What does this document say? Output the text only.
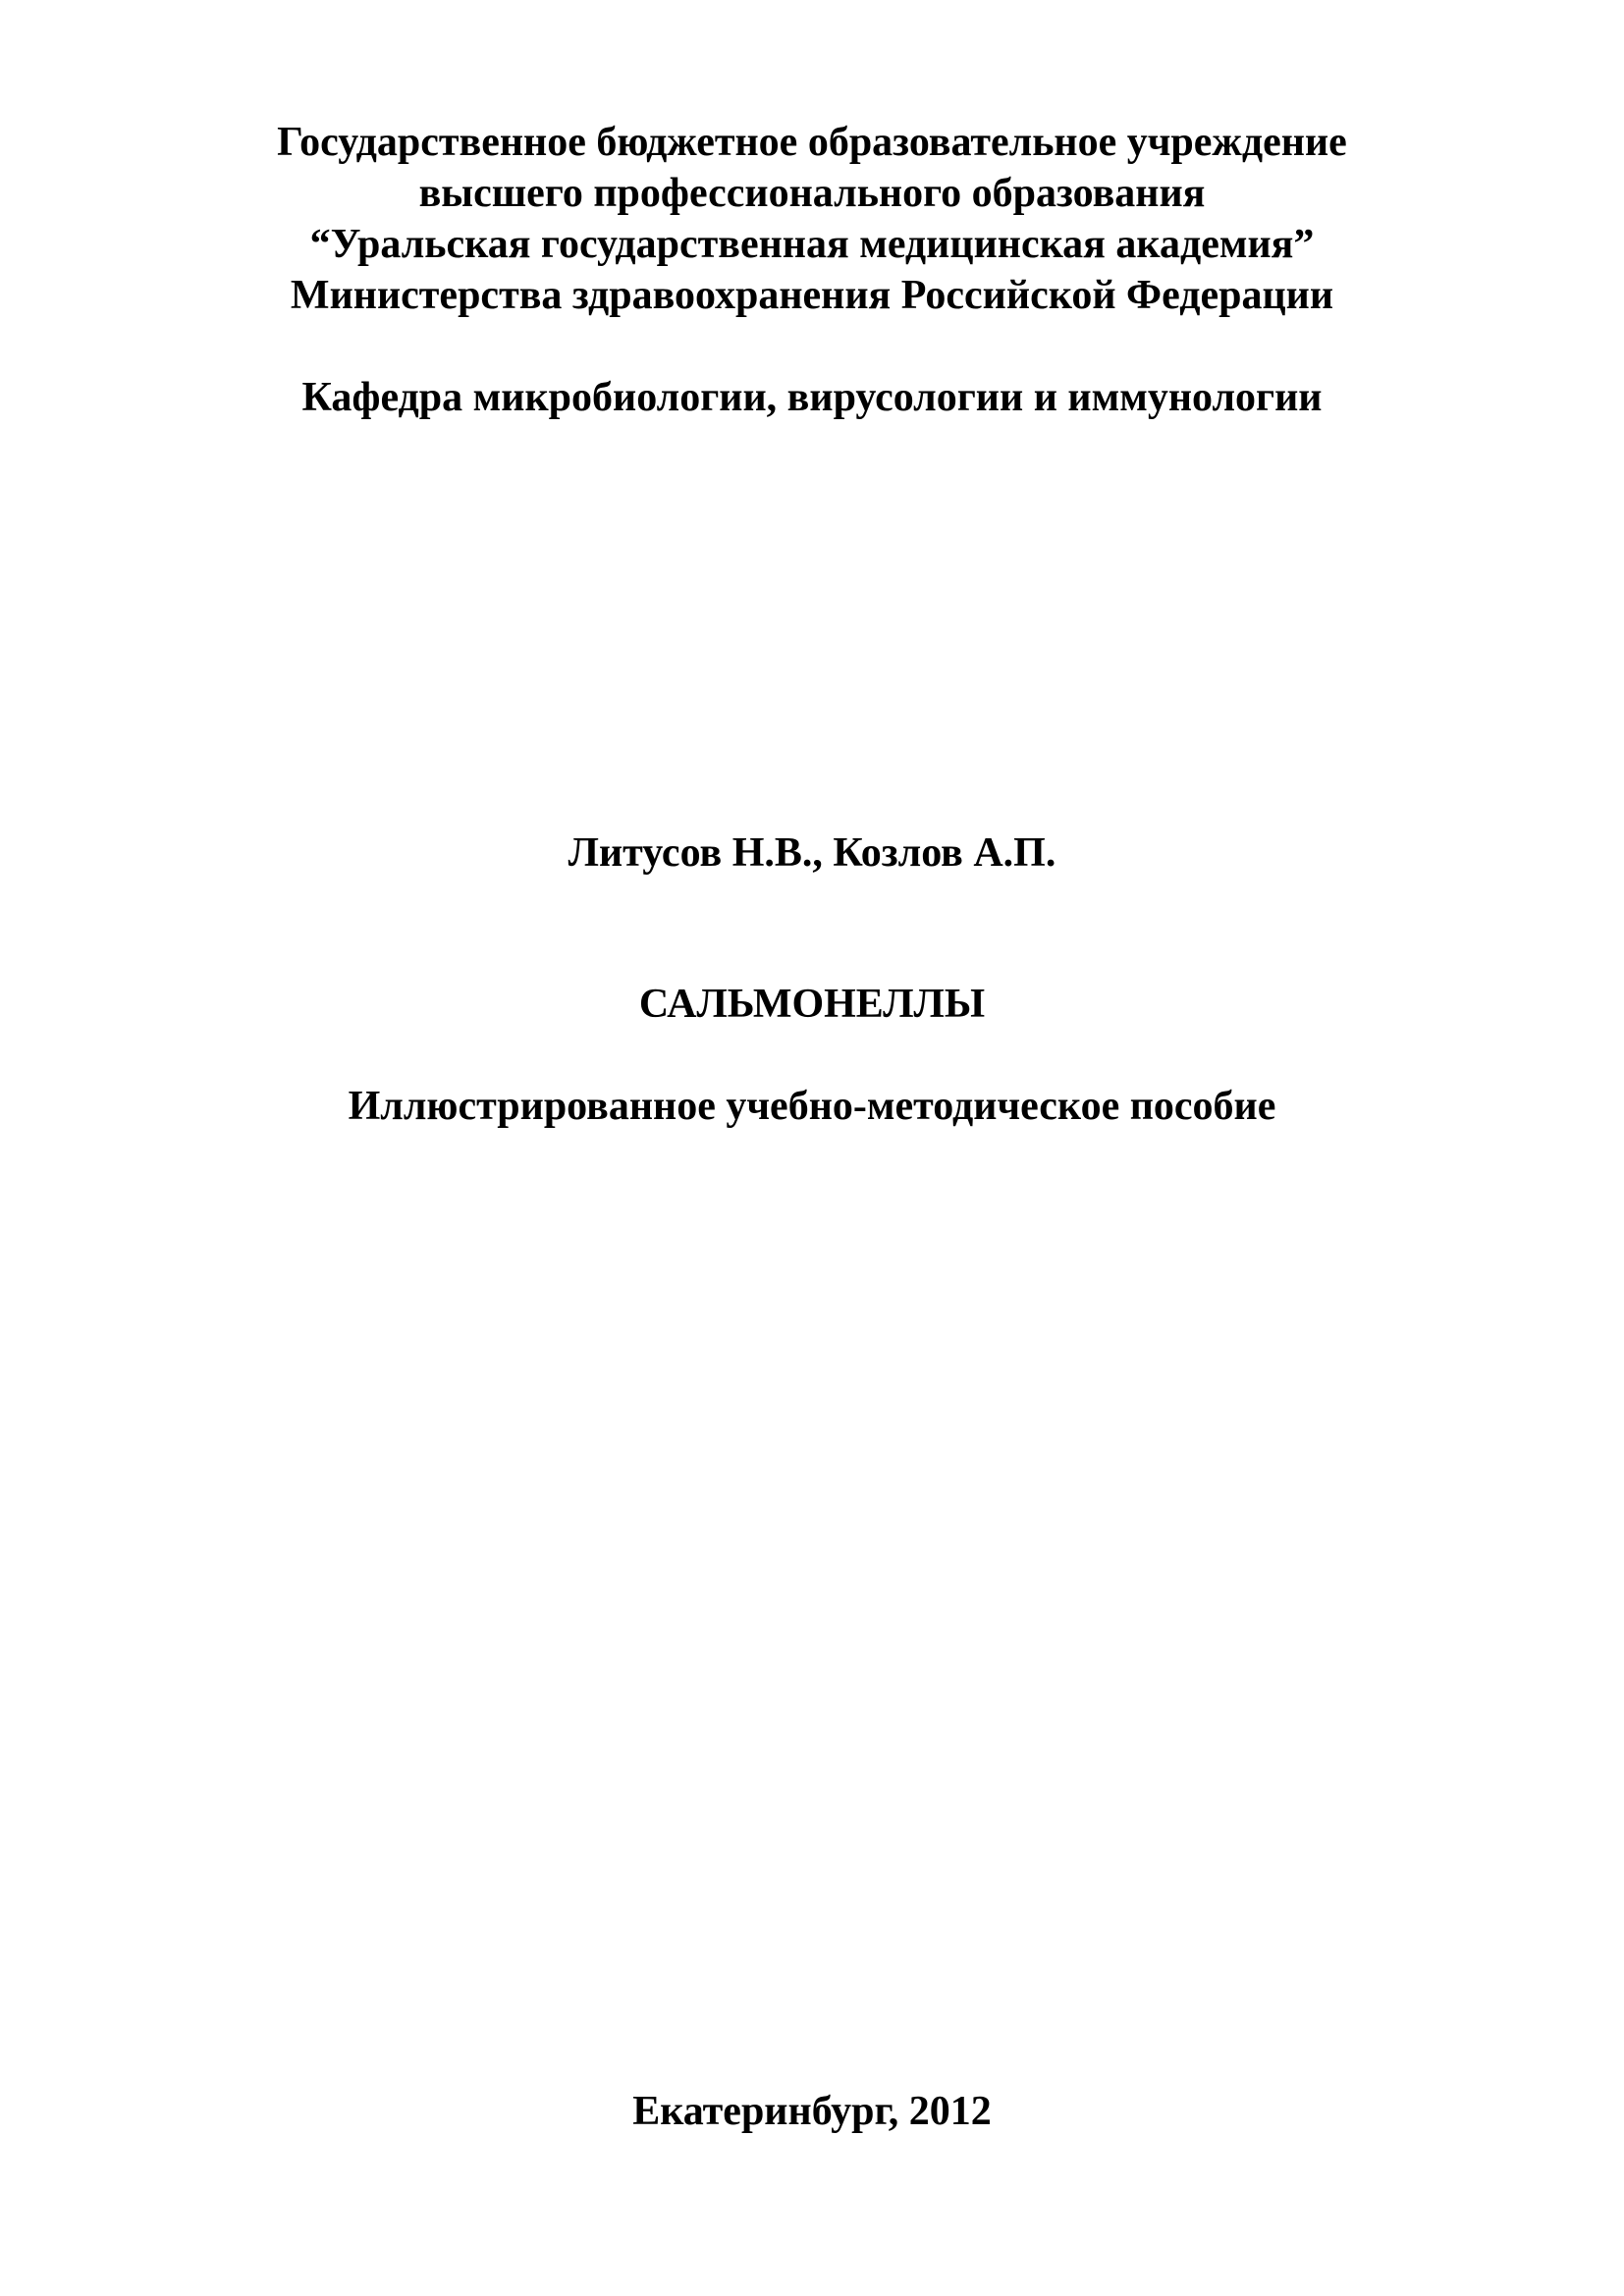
Государственное бюджетное образовательное учреждение
высшего профессионального образования
“Уральская государственная медицинская академия”
Министерства здравоохранения Российской Федерации
Кафедра микробиологии, вирусологии и иммунологии
Литусов Н.В., Козлов А.П.
САЛЬМОНЕЛЛЫ
Иллюстрированное учебно-методическое пособие
Екатеринбург, 2012
